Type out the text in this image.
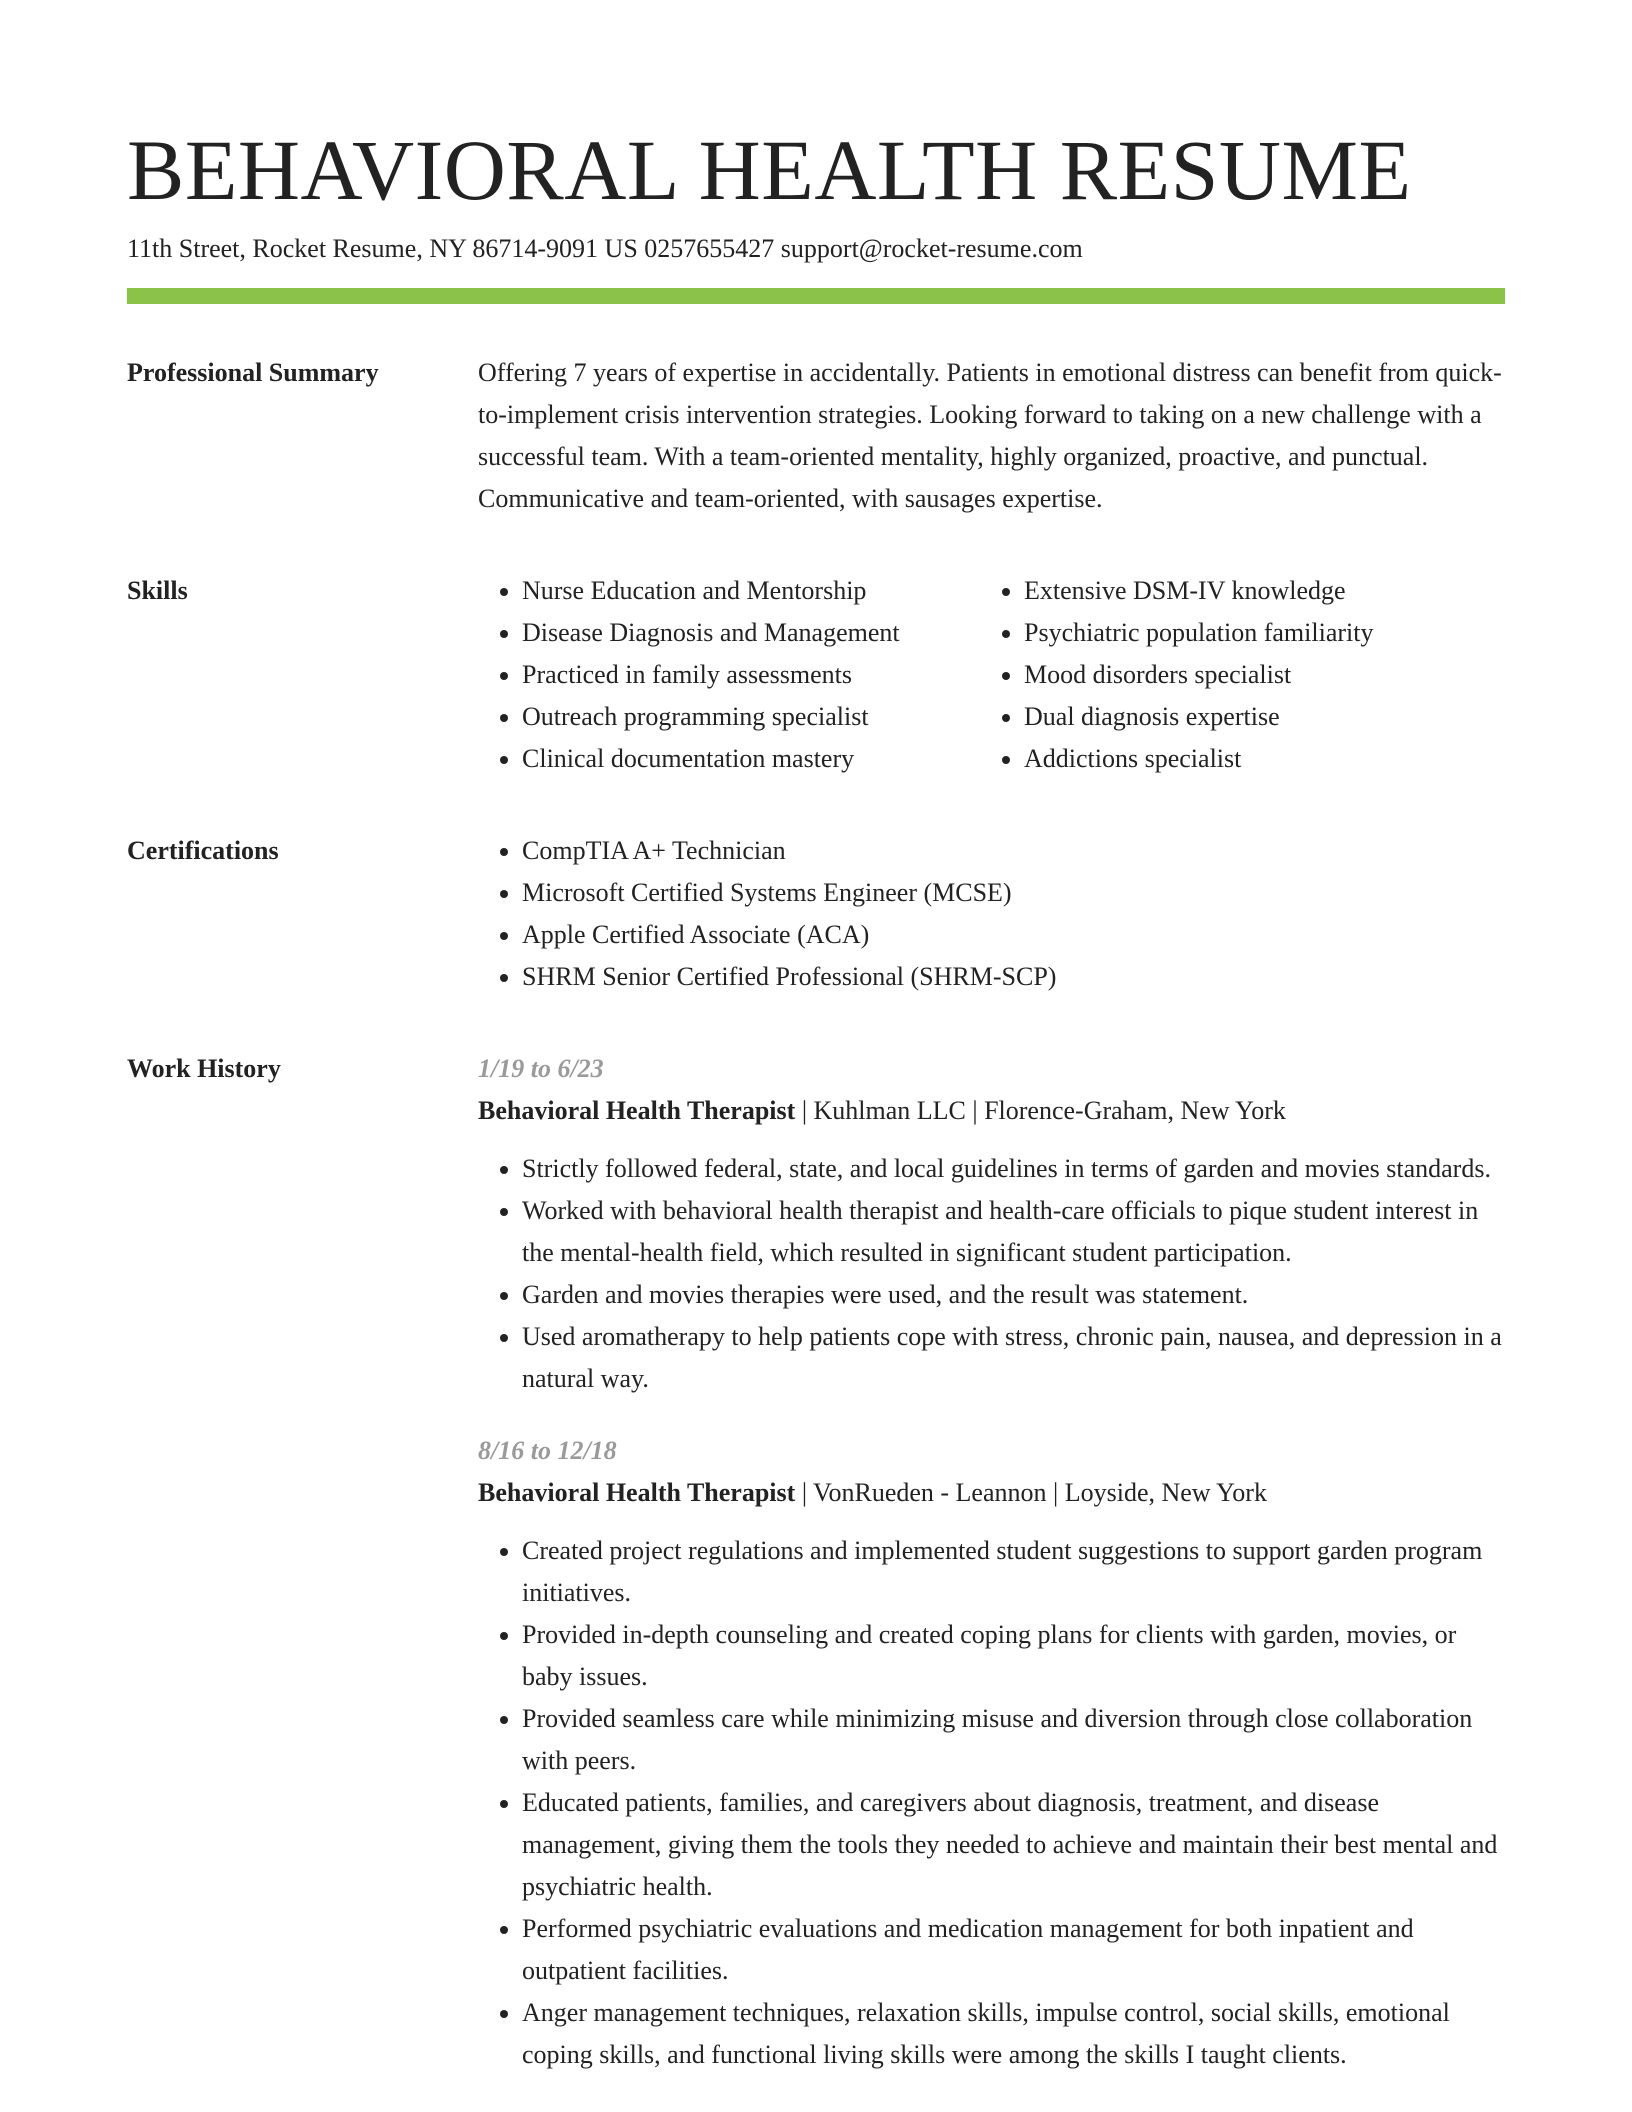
BEHAVIORAL HEALTH RESUME
11th Street, Rocket Resume, NY 86714-9091 US 0257655427 support@rocket-resume.com
Professional Summary	Offering 7 years of expertise in accidentally. Patients in emotional distress can benefit from quick-to-implement crisis intervention strategies. Looking forward to taking on a new challenge with a successful team. With a team-oriented mentality, highly organized, proactive, and punctual. Communicative and team-oriented, with sausages expertise.

Skills	• Nurse Education and Mentorship
• Disease Diagnosis and Management
• Practiced in family assessments
• Outreach programming specialist
• Clinical documentation mastery
• Extensive DSM-IV knowledge
• Psychiatric population familiarity
• Mood disorders specialist
• Dual diagnosis expertise
• Addictions specialist
Certifications	• CompTIA A+ Technician
• Microsoft Certified Systems Engineer (MCSE)
• Apple Certified Associate (ACA)
• SHRM Senior Certified Professional (SHRM-SCP)
Work History	1/19 to 6/23
Behavioral Health Therapist | Kuhlman LLC | Florence-Graham, New York
• Strictly followed federal, state, and local guidelines in terms of garden and movies standards.
• Worked with behavioral health therapist and health-care officials to pique student interest in the mental-health field, which resulted in significant student participation.
• Garden and movies therapies were used, and the result was statement.
• Used aromatherapy to help patients cope with stress, chronic pain, nausea, and depression in a natural way.
8/16 to 12/18
Behavioral Health Therapist | VonRueden - Leannon | Loyside, New York
• Created project regulations and implemented student suggestions to support garden program initiatives.
• Provided in-depth counseling and created coping plans for clients with garden, movies, or baby issues.
• Provided seamless care while minimizing misuse and diversion through close collaboration with peers.
• Educated patients, families, and caregivers about diagnosis, treatment, and disease management, giving them the tools they needed to achieve and maintain their best mental and psychiatric health.
• Performed psychiatric evaluations and medication management for both inpatient and outpatient facilities.
• Anger management techniques, relaxation skills, impulse control, social skills, emotional coping skills, and functional living skills were among the skills I taught clients.
